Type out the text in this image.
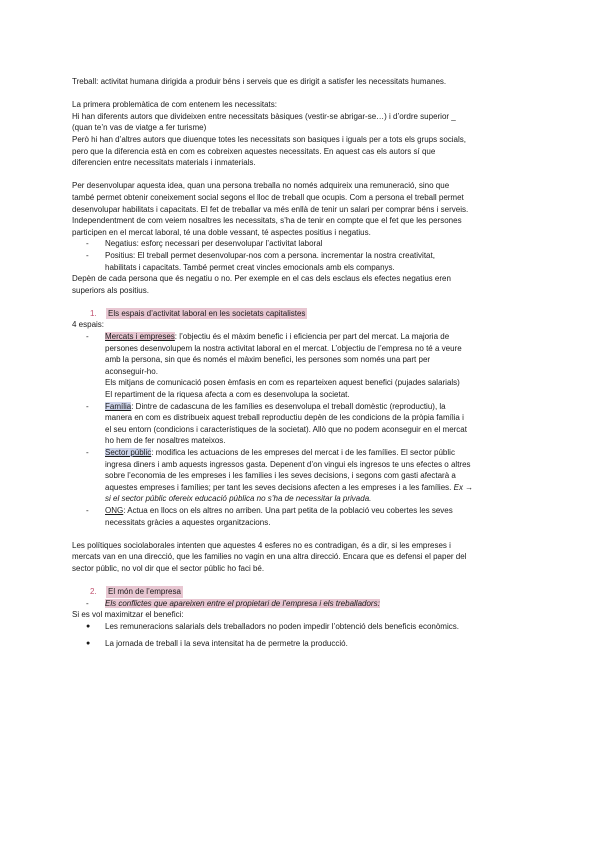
Treball: activitat humana dirigida a produir béns i serveis que es dirigit a satisfer les necessitats humanes.

La primera problemàtica de com entenem les necessitats:

Hi han diferents autors que divideixen entre necessitats bàsiques (vestir-se abrigar-se…) i d’ordre superior _

(quan te’n vas de viatge a fer turisme)

Però hi han d’altres autors que diuenque totes les necessitats son basiques i iguals per a tots els grups socials,

pero que la diferencia està en com es cobreixen aquestes necessitats. En aquest cas els autors sí que

diferencien entre necessitats materials i inmaterials.

Per desenvolupar aquesta idea, quan una persona treballa no només adquireix una remuneració, sino que

també permet obtenir coneixement social segons el lloc de treball que ocupis. Com a persona el treball permet

desenvolupar habilitats i capacitats. El fet de treballar va més enllà de tenir un salari per comprar béns i serveis.

Independentment de com veiem nosaltres les necessitats, s’ha de tenir en compte que el fet que les persones

participen en el mercat laboral, té una doble vessant, té aspectes positius i negatius.

- Negatius: esforç necessari per desenvolupar l’activitat laboral

- Positius: El treball permet desenvolupar-nos com a persona. incrementar la nostra creativitat,

habilitats i capacitats. També permet creat vincles emocionals amb els companys.

Depèn de cada persona que és negatiu o no. Per exemple en el cas dels esclaus els efectes negatius eren

superiors als positius.

1.	Els espais d’activitat laboral en les societats capitalistes

4 espais:

- Mercats i empreses: l’objectiu és el màxim benefic i i eficiencia per part del mercat. La majoria de

persones desenvolupem la nostra activitat laboral en el mercat. L’objectiu de l’empresa no té a veure

amb la persona, sin que és només el màxim benefici, les persones som només una part per

aconseguir-ho.

Els mitjans de comunicació posen èmfasis en com es reparteixen aquest benefici (pujades salarials)

El repartiment de la riquesa afecta a com es desenvolupa la societat.

- Família: Dintre de cadascuna de les famílies es desenvolupa el treball domèstic (reproductiu), la

manera en com es distribueix aquest treball reproductiu depèn de les condicions de la pròpia família i

el seu entorn (condicions i característiques de la societat). Allò que no podem aconseguir en el mercat

ho hem de fer nosaltres mateixos.

- Sector públic: modifica les actuacions de les empreses del mercat i de les famílies. El sector públic

ingresa diners i amb aquests ingressos gasta. Depenent d’on vingui els ingresos te uns efectes o altres

sobre l’economia de les empreses i les families i les seves decisions, i segons com gasti afectarà a

aquestes empreses i famílies; per tant les seves decisions afecten a les empreses i a les famílies. Ex →

si el sector públic ofereix educació pública no s’ha de necessitar la privada.

- ONG: Actua en llocs on els altres no arriben. Una part petita de la població veu cobertes les seves

necessitats gràcies a aquestes organitzacions.

Les polítiques sociolaborales intenten que aquestes 4 esferes no es contradigan, és a dir, si les empreses i

mercats van en una direcció, que les families no vagin en una altra direcció. Encara que es defensi el paper del

sector públic, no vol dir que el sector públic ho faci bé.

2.	El món de l’empresa
- Els conflictes que apareixen entre el propietari de l’empresa i els treballadors:

Si es vol maximitzar el benefici:

● Les remuneracions salarials dels treballadors no poden impedir l’obtenció dels beneficis econòmics.
● La jornada de treball i la seva intensitat ha de permetre la producció.
